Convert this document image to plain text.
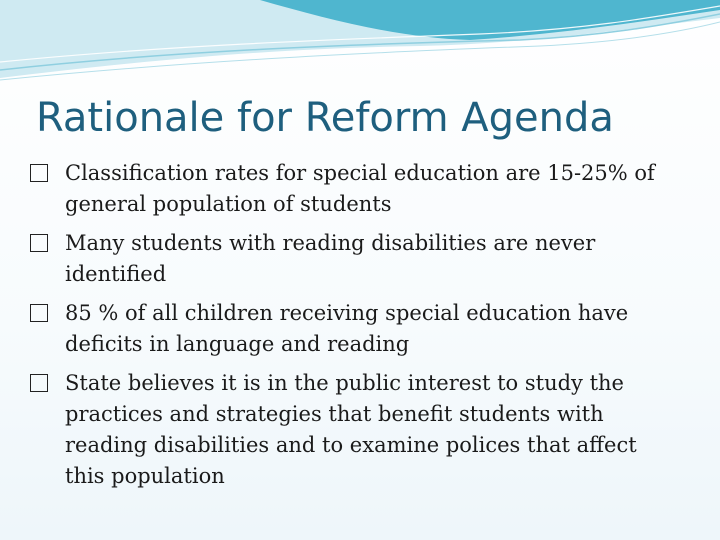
Rationale for Reform Agenda
Classification rates for special education are 15-25% of general population of students
Many students with reading disabilities are never identified
85 % of all children receiving special education have deficits in language and reading
State believes it is in the public interest to study the practices and strategies that benefit students with reading disabilities and to examine polices that affect this population
